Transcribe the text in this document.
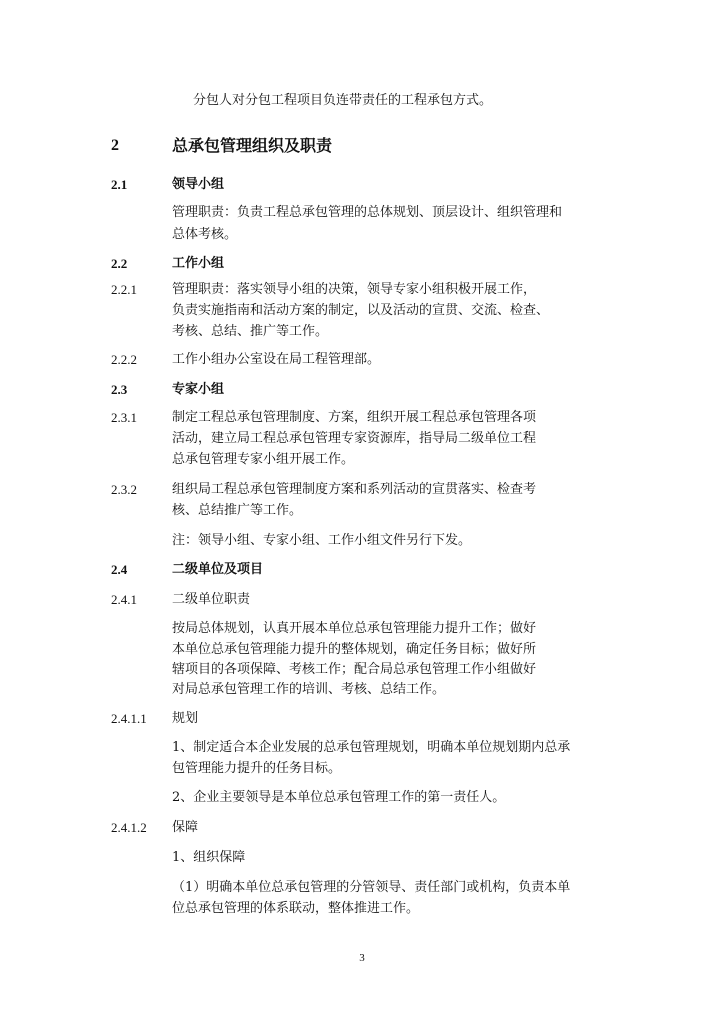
分包人对分包工程项目负连带责任的工程承包方式。
2	总承包管理组织及职责
2.1	领导小组
管理职责：负责工程总承包管理的总体规划、顶层设计、组织管理和
总体考核。
2.2	工作小组
2.2.1	管理职责：落实领导小组的决策，领导专家小组积极开展工作，
负责实施指南和活动方案的制定，以及活动的宣贯、交流、检查、
考核、总结、推广等工作。
2.2.2	工作小组办公室设在局工程管理部。
2.3	专家小组
2.3.1	制定工程总承包管理制度、方案，组织开展工程总承包管理各项
活动，建立局工程总承包管理专家资源库，指导局二级单位工程
总承包管理专家小组开展工作。
2.3.2	组织局工程总承包管理制度方案和系列活动的宣贯落实、检查考
核、总结推广等工作。
注：领导小组、专家小组、工作小组文件另行下发。
2.4	二级单位及项目
2.4.1	二级单位职责
按局总体规划，认真开展本单位总承包管理能力提升工作；做好
本单位总承包管理能力提升的整体规划，确定任务目标；做好所
辖项目的各项保障、考核工作；配合局总承包管理工作小组做好
对局总承包管理工作的培训、考核、总结工作。
2.4.1.1 规划
1、制定适合本企业发展的总承包管理规划，明确本单位规划期内总承
包管理能力提升的任务目标。
2、企业主要领导是本单位总承包管理工作的第一责任人。
2.4.1.2 保障
1、组织保障
（1）明确本单位总承包管理的分管领导、责任部门或机构，负责本单
位总承包管理的体系联动，整体推进工作。
3
